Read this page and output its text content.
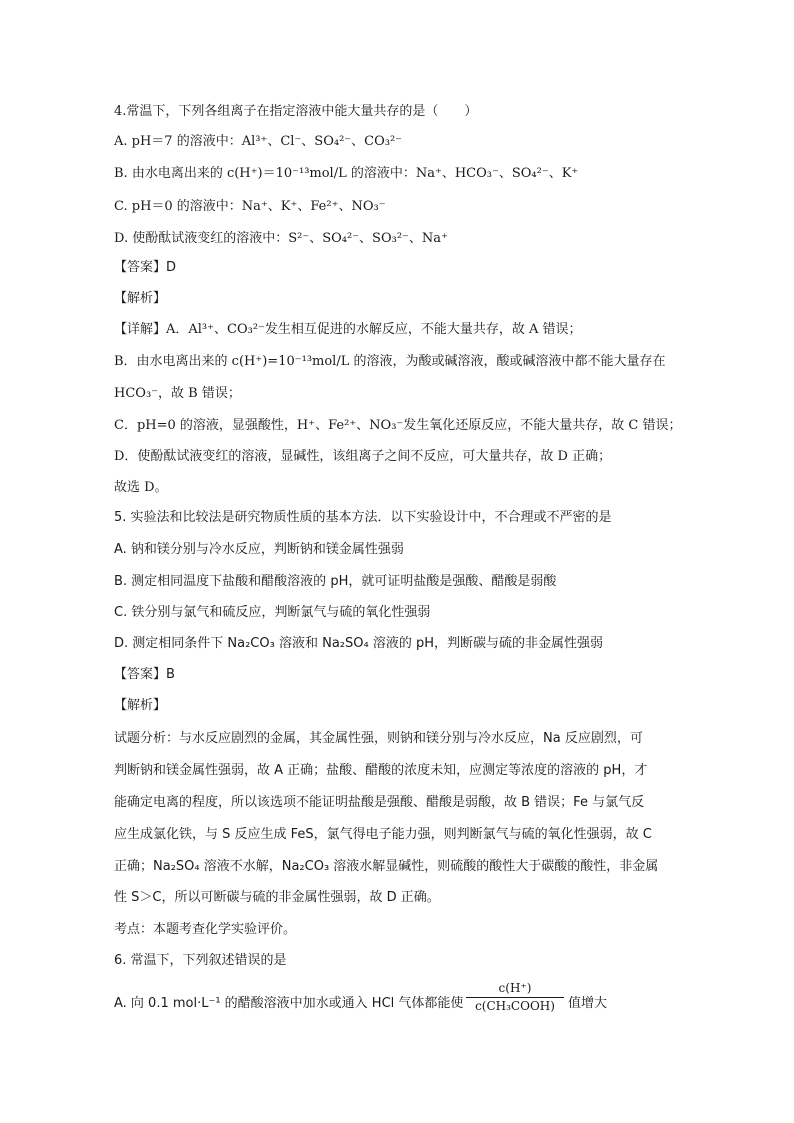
4.常温下，下列各组离子在指定溶液中能大量共存的是（　　）
A. pH＝7 的溶液中：Al³⁺、Cl⁻、SO₄²⁻、CO₃²⁻
B. 由水电离出来的 c(H⁺)＝10⁻¹³mol/L 的溶液中：Na⁺、HCO₃⁻、SO₄²⁻、K⁺
C. pH＝0 的溶液中：Na⁺、K⁺、Fe²⁺、NO₃⁻
D. 使酚酞试液变红的溶液中：S²⁻、SO₄²⁻、SO₃²⁻、Na⁺
【答案】D
【解析】
【详解】A．Al³⁺、CO₃²⁻发生相互促进的水解反应，不能大量共存，故 A 错误；
B．由水电离出来的 c(H⁺)=10⁻¹³mol/L 的溶液，为酸或碱溶液，酸或碱溶液中都不能大量存在
HCO₃⁻，故 B 错误；
C．pH=0 的溶液，显强酸性，H⁺、Fe²⁺、NO₃⁻发生氧化还原反应，不能大量共存，故 C 错误；
D．使酚酞试液变红的溶液，显碱性，该组离子之间不反应，可大量共存，故 D 正确；
故选 D。
5. 实验法和比较法是研究物质性质的基本方法．以下实验设计中，不合理或不严密的是
A. 钠和镁分别与冷水反应，判断钠和镁金属性强弱
B. 测定相同温度下盐酸和醋酸溶液的 pH，就可证明盐酸是强酸、醋酸是弱酸
C. 铁分别与氯气和硫反应，判断氯气与硫的氧化性强弱
D. 测定相同条件下 Na₂CO₃ 溶液和 Na₂SO₄ 溶液的 pH，判断碳与硫的非金属性强弱
【答案】B
【解析】
试题分析：与水反应剧烈的金属，其金属性强，则钠和镁分别与冷水反应，Na 反应剧烈，可
判断钠和镁金属性强弱，故 A 正确；盐酸、醋酸的浓度未知，应测定等浓度的溶液的 pH，才
能确定电离的程度，所以该选项不能证明盐酸是强酸、醋酸是弱酸，故 B 错误；Fe 与氯气反
应生成氯化铁，与 S 反应生成 FeS，氯气得电子能力强，则判断氯气与硫的氧化性强弱，故 C
正确；Na₂SO₄ 溶液不水解，Na₂CO₃ 溶液水解显碱性，则硫酸的酸性大于碳酸的酸性，非金属
性 S＞C，所以可断碳与硫的非金属性强弱，故 D 正确。
考点：本题考查化学实验评价。
6. 常温下，下列叙述错误的是
A. 向 0.1 mol·L⁻¹ 的醋酸溶液中加水或通入 HCl 气体都能使
c(H⁺)
c(CH₃COOH)	值增大
